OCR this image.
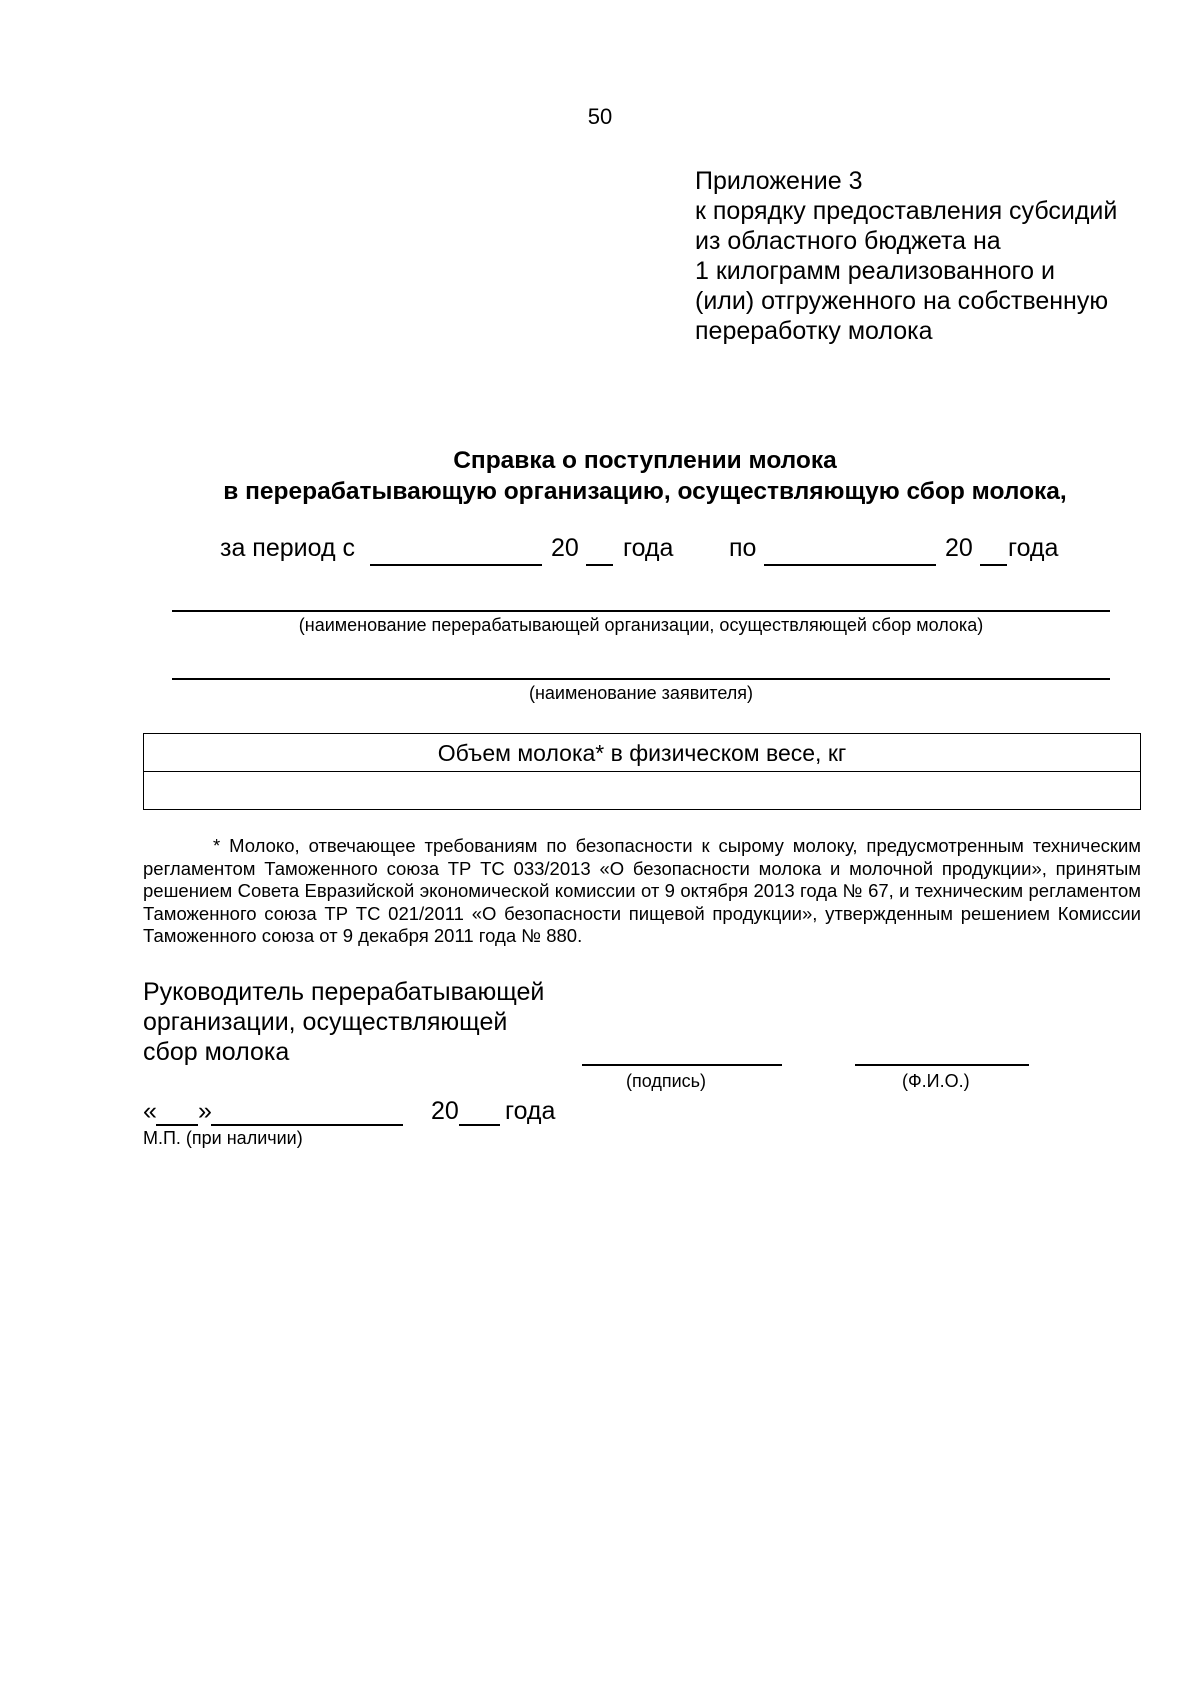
50
Приложение 3
к порядку предоставления субсидий
из областного бюджета на
1 килограмм реализованного и
(или) отгруженного на собственную
переработку молока
Справка о поступлении молока
в перерабатывающую организацию, осуществляющую сбор молока,
за период с	20 года по	20 года
(наименование перерабатывающей организации, осуществляющей сбор молока)
(наименование заявителя)
Объем молока* в физическом весе, кг
* Молоко, отвечающее требованиям по безопасности к сырому молоку, предусмотренным техническим регламентом Таможенного союза ТР ТС 033/2013 «О безопасности молока и молочной продукции», принятым решением Совета Евразийской экономической комиссии от 9 октября 2013 года № 67, и техническим регламентом Таможенного союза ТР ТС 021/2011 «О безопасности пищевой продукции», утвержденным решением Комиссии Таможенного союза от 9 декабря 2011 года № 880.
Руководитель перерабатывающей
организации, осуществляющей
сбор молока
(подпись)	(Ф.И.О.)
« »	20 года
М.П. (при наличии)
